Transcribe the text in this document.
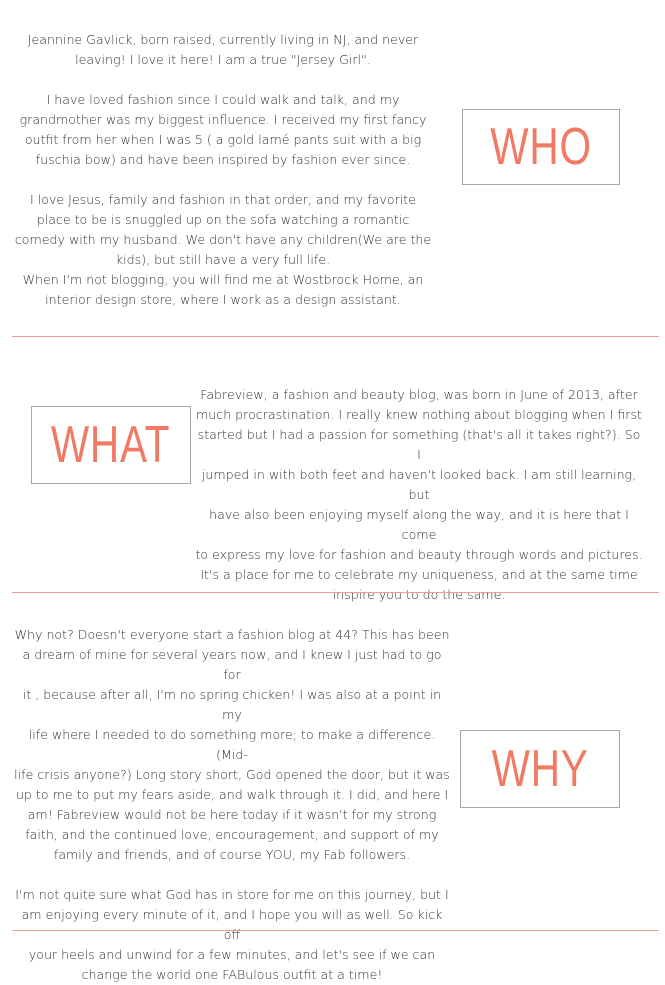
Jeannine Gavlick, born raised, currently living in NJ, and never
leaving! I love it here! I am a true "Jersey Girl".

I have loved fashion since I could walk and talk, and my
grandmother was my biggest influence. I received my first fancy
outfit from her when I was 5 ( a gold lamé pants suit with a big
fuschia bow) and have been inspired by fashion ever since.

I love Jesus, family and fashion in that order, and my favorite
place to be is snuggled up on the sofa watching a romantic
comedy with my husband. We don't have any children(We are the
kids), but still have a very full life.

When I'm not blogging, you will find me at Wostbrock Home, an
interior design store, where I work as a design assistant.

WHO
WHAT

Fabreview, a fashion and beauty blog, was born in June of 2013, after
much procrastination. I really knew nothing about blogging when I first
started but I had a passion for something (that's all it takes right?). So I
jumped in with both feet and haven't looked back. I am still learning, but
have also been enjoying myself along the way, and it is here that I come
to express my love for fashion and beauty through words and pictures.
It's a place for me to celebrate my uniqueness, and at the same time
inspire you to do the same.

Why not? Doesn't everyone start a fashion blog at 44? This has been
a dream of mine for several years now, and I knew I just had to go for
it , because after all, I'm no spring chicken! I was also at a point in my
life where I needed to do something more; to make a difference. (Mid-
life crisis anyone?) Long story short, God opened the door, but it was
up to me to put my fears aside, and walk through it. I did, and here I
am! Fabreview would not be here today if it wasn't for my strong
faith, and the continued love, encouragement, and support of my
family and friends, and of course YOU, my Fab followers.

I'm not quite sure what God has in store for me on this journey, but I
am enjoying every minute of it, and I hope you will as well. So kick off
your heels and unwind for a few minutes, and let's see if we can
change the world one FABulous outfit at a time!

WHY
